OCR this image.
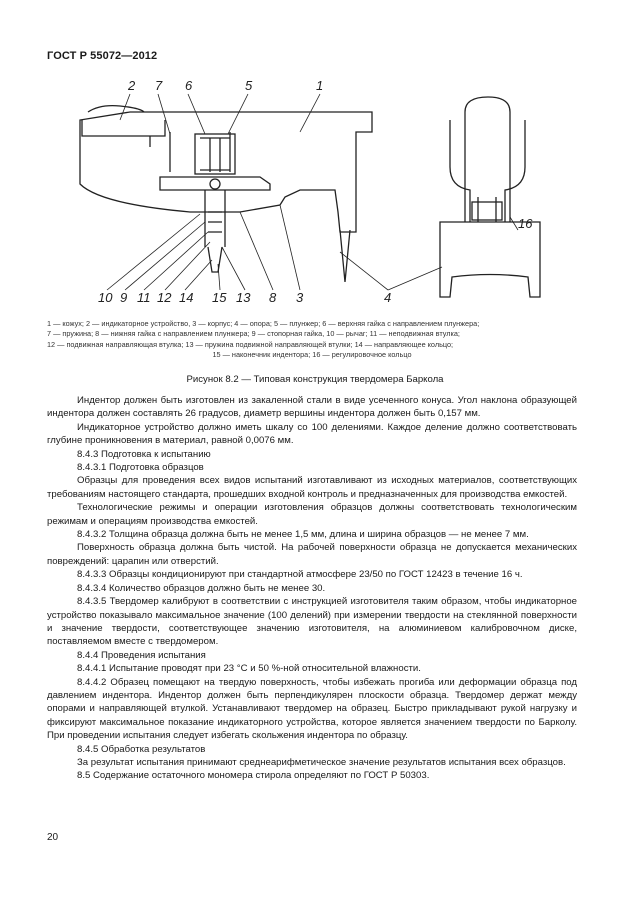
ГОСТ Р 55072—2012
2 7 6	5	1
16
10 9 11 12 14 15 13 8 3	4

1 — кожух; 2 — индикаторное устройство, 3 — корпус; 4 — опора; 5 — плунжер; 6 — верхняя гайка с направлением плунжера;

7 — пружина; 8 — нижняя гайка с направлением плунжера; 9 — стопорная гайка, 10 — рычаг; 11 — неподвижная втулка;

12 — подвижная направляющая втулка; 13 — пружина подвижной направляющей втулки; 14 — направляющее кольцо;

15 — наконечник индентора; 16 — регулировочное кольцо

Рисунок 8.2 — Типовая конструкция твердомера Барколa

Индентор должен быть изготовлен из закаленной стали в виде усеченного конуса. Угол наклона образующей индентора должен составлять 26 градусов, диаметр вершины индентора должен быть 0,157 мм.

Индикаторное устройство должно иметь шкалу со 100 делениями. Каждое деление должно соответствовать глубине проникновения в материал, равной 0,0076 мм.

8.4.3 Подготовка к испытанию

8.4.3.1 Подготовка образцов

Образцы для проведения всех видов испытаний изготавливают из исходных материалов, соответствующих требованиям настоящего стандарта, прошедших входной контроль и предназначенных для производства емкостей.

Технологические режимы и операции изготовления образцов должны соответствовать технологическим режимам и операциям производства емкостей.

8.4.3.2 Толщина образца должна быть не менее 1,5 мм, длина и ширина образцов — не менее 7 мм.

Поверхность образца должна быть чистой. На рабочей поверхности образца не допускается механических повреждений: царапин или отверстий.

8.4.3.3 Образцы кондиционируют при стандартной атмосфере 23/50 по ГОСТ 12423 в течение 16 ч.

8.4.3.4 Количество образцов должно быть не менее 30.

8.4.3.5 Твердомер калибруют в соответствии с инструкцией изготовителя таким образом, чтобы индикаторное устройство показывало максимальное значение (100 делений) при измерении твердости на стеклянной поверхности и значение твердости, соответствующее значению изготовителя, на алюминиевом калибровочном диске, поставляемом вместе с твердомером.

8.4.4 Проведения испытания

8.4.4.1 Испытание проводят при 23 °C и 50 %-ной относительной влажности.

8.4.4.2 Образец помещают на твердую поверхность, чтобы избежать прогиба или деформации образца под давлением индентора. Индентор должен быть перпендикулярен плоскости образца. Твердомер держат между опорами и направляющей втулкой. Устанавливают твердомер на образец. Быстро прикладывают рукой нагрузку и фиксируют максимальное показание индикаторного устройства, которое является значением твердости по Барколу. При проведении испытания следует избегать скольжения индентора по образцу.

8.4.5 Обработка результатов

За результат испытания принимают среднеарифметическое значение результатов испытания всех образцов.

8.5 Содержание остаточного мономера стирола определяют по ГОСТ Р 50303.

20
